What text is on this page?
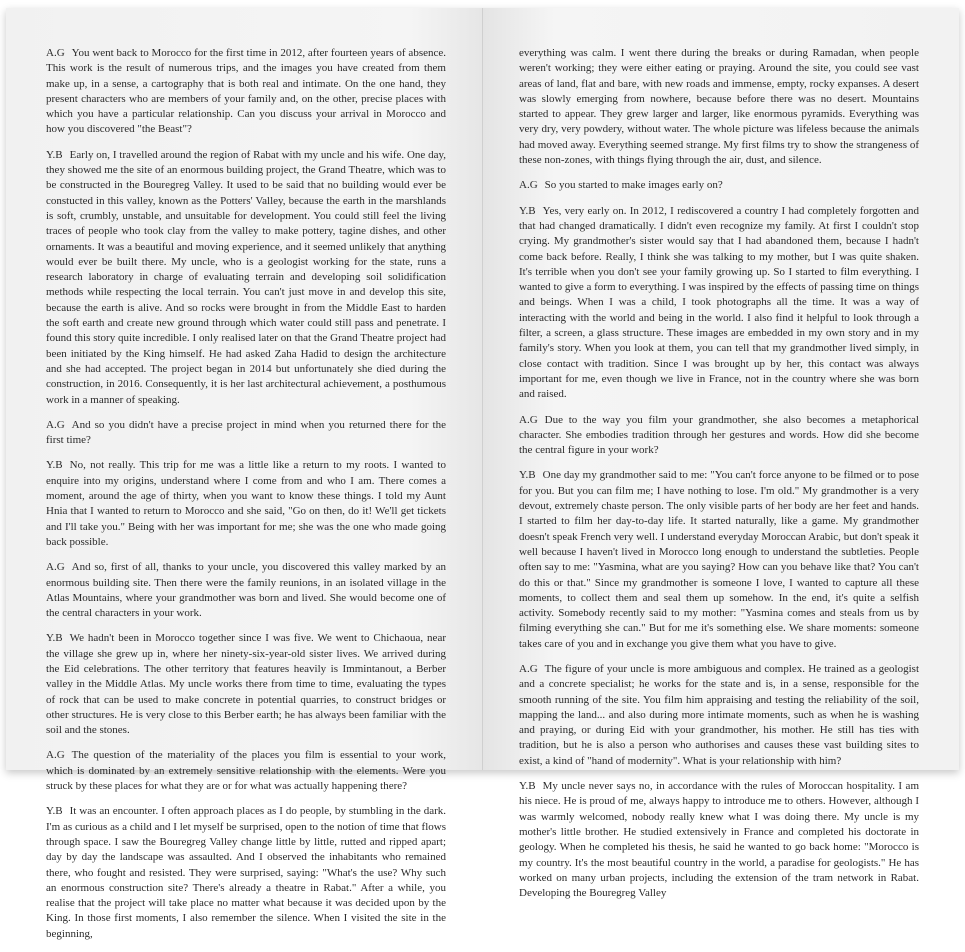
A.G You went back to Morocco for the first time in 2012, after fourteen years of absence. This work is the result of numerous trips, and the images you have created from them make up, in a sense, a cartography that is both real and intimate. On the one hand, they present characters who are members of your family and, on the other, precise places with which you have a particular relationship. Can you discuss your arrival in Morocco and how you discovered "the Beast"?

Y.B Early on, I travelled around the region of Rabat with my uncle and his wife. One day, they showed me the site of an enormous building project, the Grand Theatre, which was to be constructed in the Bouregreg Valley. It used to be said that no building would ever be constucted in this valley, known as the Potters' Valley, because the earth in the marshlands is soft, crumbly, unstable, and unsuitable for development. You could still feel the living traces of people who took clay from the valley to make pottery, tagine dishes, and other ornaments. It was a beautiful and moving experience, and it seemed unlikely that anything would ever be built there. My uncle, who is a geologist working for the state, runs a research laboratory in charge of evaluating terrain and developing soil solidification methods while respecting the local terrain. You can't just move in and develop this site, because the earth is alive. And so rocks were brought in from the Middle East to harden the soft earth and create new ground through which water could still pass and penetrate. I found this story quite incredible. I only realised later on that the Grand Theatre project had been initiated by the King himself. He had asked Zaha Hadid to design the architecture and she had accepted. The project began in 2014 but unfortunately she died during the construction, in 2016. Consequently, it is her last architectural achievement, a posthumous work in a manner of speaking.

A.G And so you didn't have a precise project in mind when you returned there for the first time?

Y.B No, not really. This trip for me was a little like a return to my roots. I wanted to enquire into my origins, understand where I come from and who I am. There comes a moment, around the age of thirty, when you want to know these things. I told my Aunt Hnia that I wanted to return to Morocco and she said, "Go on then, do it! We'll get tickets and I'll take you." Being with her was important for me; she was the one who made going back possible.

A.G And so, first of all, thanks to your uncle, you discovered this valley marked by an enormous building site. Then there were the family reunions, in an isolated village in the Atlas Mountains, where your grandmother was born and lived. She would become one of the central characters in your work.

Y.B We hadn't been in Morocco together since I was five. We went to Chichaoua, near the village she grew up in, where her ninety-six-year-old sister lives. We arrived during the Eid celebrations. The other territory that features heavily is Immintanout, a Berber valley in the Middle Atlas. My uncle works there from time to time, evaluating the types of rock that can be used to make concrete in potential quarries, to construct bridges or other structures. He is very close to this Berber earth; he has always been familiar with the soil and the stones.

A.G The question of the materiality of the places you film is essential to your work, which is dominated by an extremely sensitive relationship with the elements. Were you struck by these places for what they are or for what was actually happening there?

Y.B It was an encounter. I often approach places as I do people, by stumbling in the dark. I'm as curious as a child and I let myself be surprised, open to the notion of time that flows through space. I saw the Bouregreg Valley change little by little, rutted and ripped apart; day by day the landscape was assaulted. And I observed the inhabitants who remained there, who fought and resisted. They were surprised, saying: "What's the use? Why such an enormous construction site? There's already a theatre in Rabat." After a while, you realise that the project will take place no matter what because it was decided upon by the King. In those first moments, I also remember the silence. When I visited the site in the beginning,

everything was calm. I went there during the breaks or during Ramadan, when people weren't working; they were either eating or praying. Around the site, you could see vast areas of land, flat and bare, with new roads and immense, empty, rocky expanses. A desert was slowly emerging from nowhere, because before there was no desert. Mountains started to appear. They grew larger and larger, like enormous pyramids. Everything was very dry, very powdery, without water. The whole picture was lifeless because the animals had moved away. Everything seemed strange. My first films try to show the strangeness of these non-zones, with things flying through the air, dust, and silence.

A.G So you started to make images early on?

Y.B Yes, very early on. In 2012, I rediscovered a country I had completely forgotten and that had changed dramatically. I didn't even recognize my family. At first I couldn't stop crying. My grandmother's sister would say that I had abandoned them, because I hadn't come back before. Really, I think she was talking to my mother, but I was quite shaken. It's terrible when you don't see your family growing up. So I started to film everything. I wanted to give a form to everything. I was inspired by the effects of passing time on things and beings. When I was a child, I took photographs all the time. It was a way of interacting with the world and being in the world. I also find it helpful to look through a filter, a screen, a glass structure. These images are embedded in my own story and in my family's story. When you look at them, you can tell that my grandmother lived simply, in close contact with tradition. Since I was brought up by her, this contact was always important for me, even though we live in France, not in the country where she was born and raised.

A.G Due to the way you film your grandmother, she also becomes a metaphorical character. She embodies tradition through her gestures and words. How did she become the central figure in your work?

Y.B One day my grandmother said to me: "You can't force anyone to be filmed or to pose for you. But you can film me; I have nothing to lose. I'm old." My grandmother is a very devout, extremely chaste person. The only visible parts of her body are her feet and hands. I started to film her day-to-day life. It started naturally, like a game. My grandmother doesn't speak French very well. I understand everyday Moroccan Arabic, but don't speak it well because I haven't lived in Morocco long enough to understand the subtleties. People often say to me: "Yasmina, what are you saying? How can you behave like that? You can't do this or that." Since my grandmother is someone I love, I wanted to capture all these moments, to collect them and seal them up somehow. In the end, it's quite a selfish activity. Somebody recently said to my mother: "Yasmina comes and steals from us by filming everything she can." But for me it's something else. We share moments: someone takes care of you and in exchange you give them what you have to give.

A.G The figure of your uncle is more ambiguous and complex. He trained as a geologist and a concrete specialist; he works for the state and is, in a sense, responsible for the smooth running of the site. You film him appraising and testing the reliability of the soil, mapping the land... and also during more intimate moments, such as when he is washing and praying, or during Eid with your grandmother, his mother. He still has ties with tradition, but he is also a person who authorises and causes these vast building sites to exist, a kind of "hand of modernity". What is your relationship with him?

Y.B My uncle never says no, in accordance with the rules of Moroccan hospitality. I am his niece. He is proud of me, always happy to introduce me to others. However, although I was warmly welcomed, nobody really knew what I was doing there. My uncle is my mother's little brother. He studied extensively in France and completed his doctorate in geology. When he completed his thesis, he said he wanted to go back home: "Morocco is my country. It's the most beautiful country in the world, a paradise for geologists." He has worked on many urban projects, including the extension of the tram network in Rabat. Developing the Bouregreg Valley
